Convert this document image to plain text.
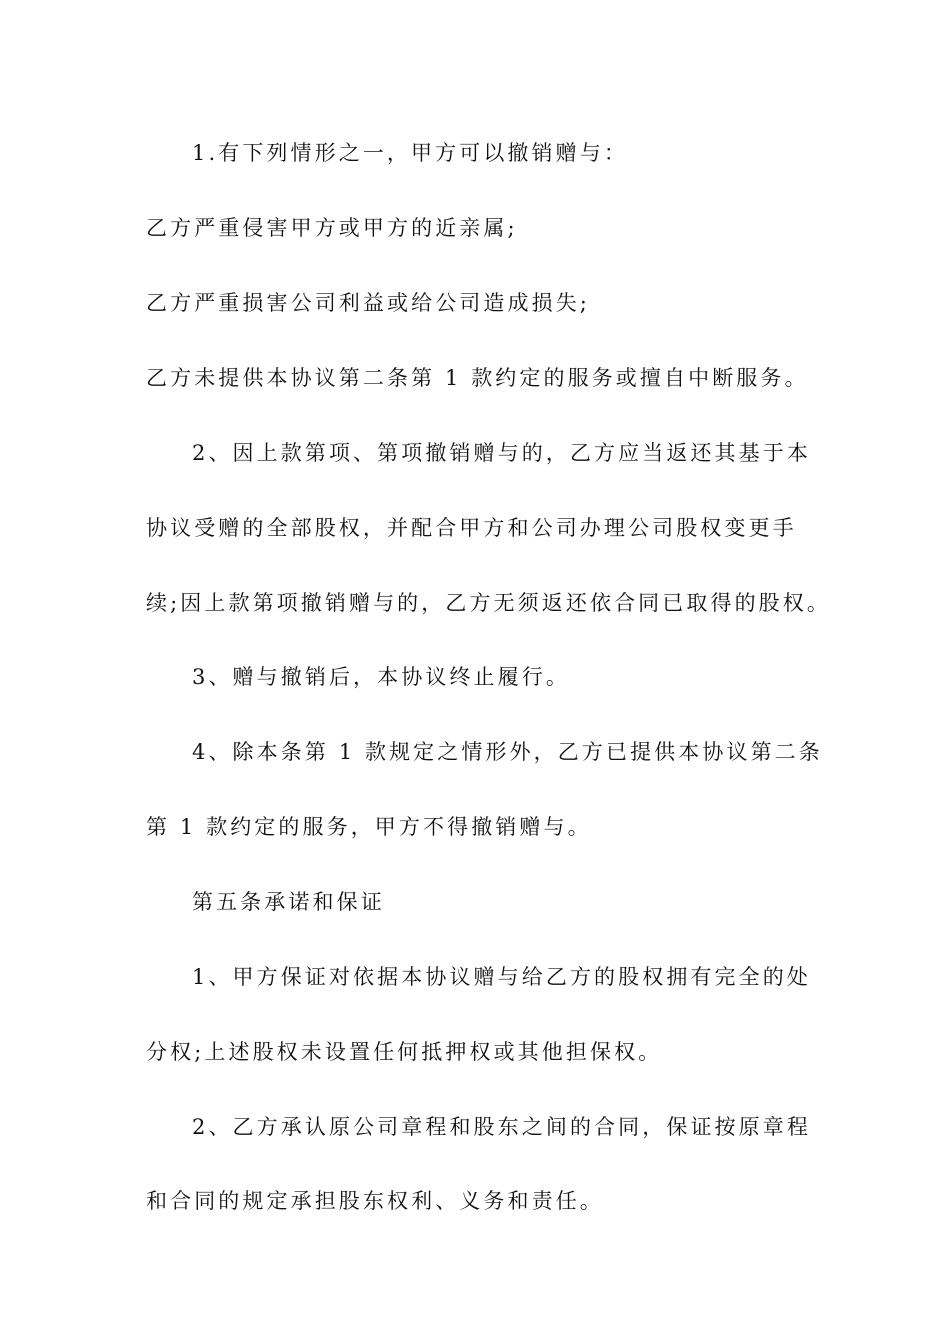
1.有下列情形之一，甲方可以撤销赠与：
乙方严重侵害甲方或甲方的近亲属;
乙方严重损害公司利益或给公司造成损失;
乙方未提供本协议第二条第 1 款约定的服务或擅自中断服务。
2、因上款第项、第项撤销赠与的，乙方应当返还其基于本
协议受赠的全部股权，并配合甲方和公司办理公司股权变更手
续;因上款第项撤销赠与的，乙方无须返还依合同已取得的股权。
3、赠与撤销后，本协议终止履行。
4、除本条第 1 款规定之情形外，乙方已提供本协议第二条
第 1 款约定的服务，甲方不得撤销赠与。
第五条承诺和保证
1、甲方保证对依据本协议赠与给乙方的股权拥有完全的处
分权;上述股权未设置任何抵押权或其他担保权。
2、乙方承认原公司章程和股东之间的合同，保证按原章程
和合同的规定承担股东权利、义务和责任。
